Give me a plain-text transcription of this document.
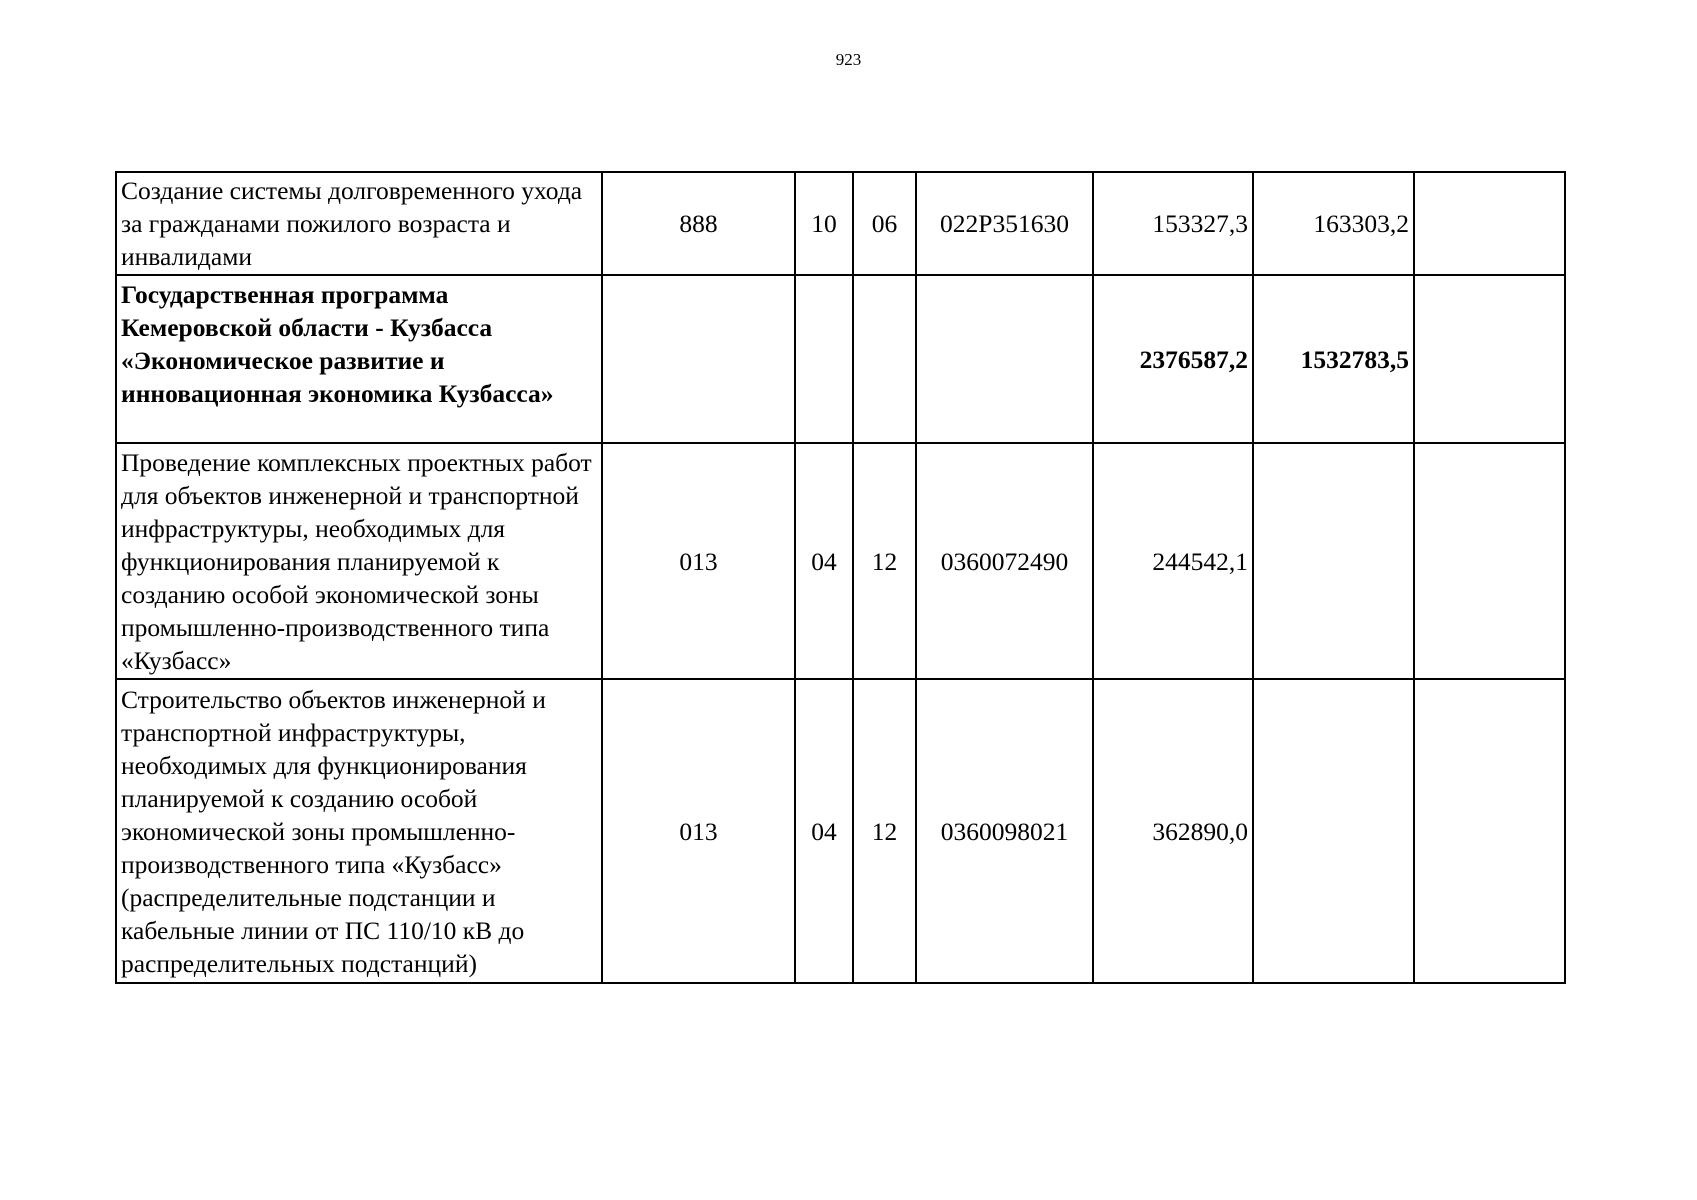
923
Создание системы долговременного ухода за гражданами пожилого возраста и инвалидами	888	10	06	022P351630	153327,3	163303,2	
Государственная программа Кемеровской области - Кузбасса «Экономическое развитие и инновационная экономика Кузбасса»					2376587,2	1532783,5	
Проведение комплексных проектных работ для объектов инженерной и транспортной инфраструктуры, необходимых для функционирования планируемой к созданию особой экономической зоны промышленно-производственного типа «Кузбасс»	013	04	12	0360072490	244542,1		
Строительство объектов инженерной и транспортной инфраструктуры, необходимых для функционирования планируемой к созданию особой экономической зоны промышленно-производственного типа «Кузбасс» (распределительные подстанции и кабельные линии от ПС 110/10 кВ до распределительных подстанций)	013	04	12	0360098021	362890,0		
